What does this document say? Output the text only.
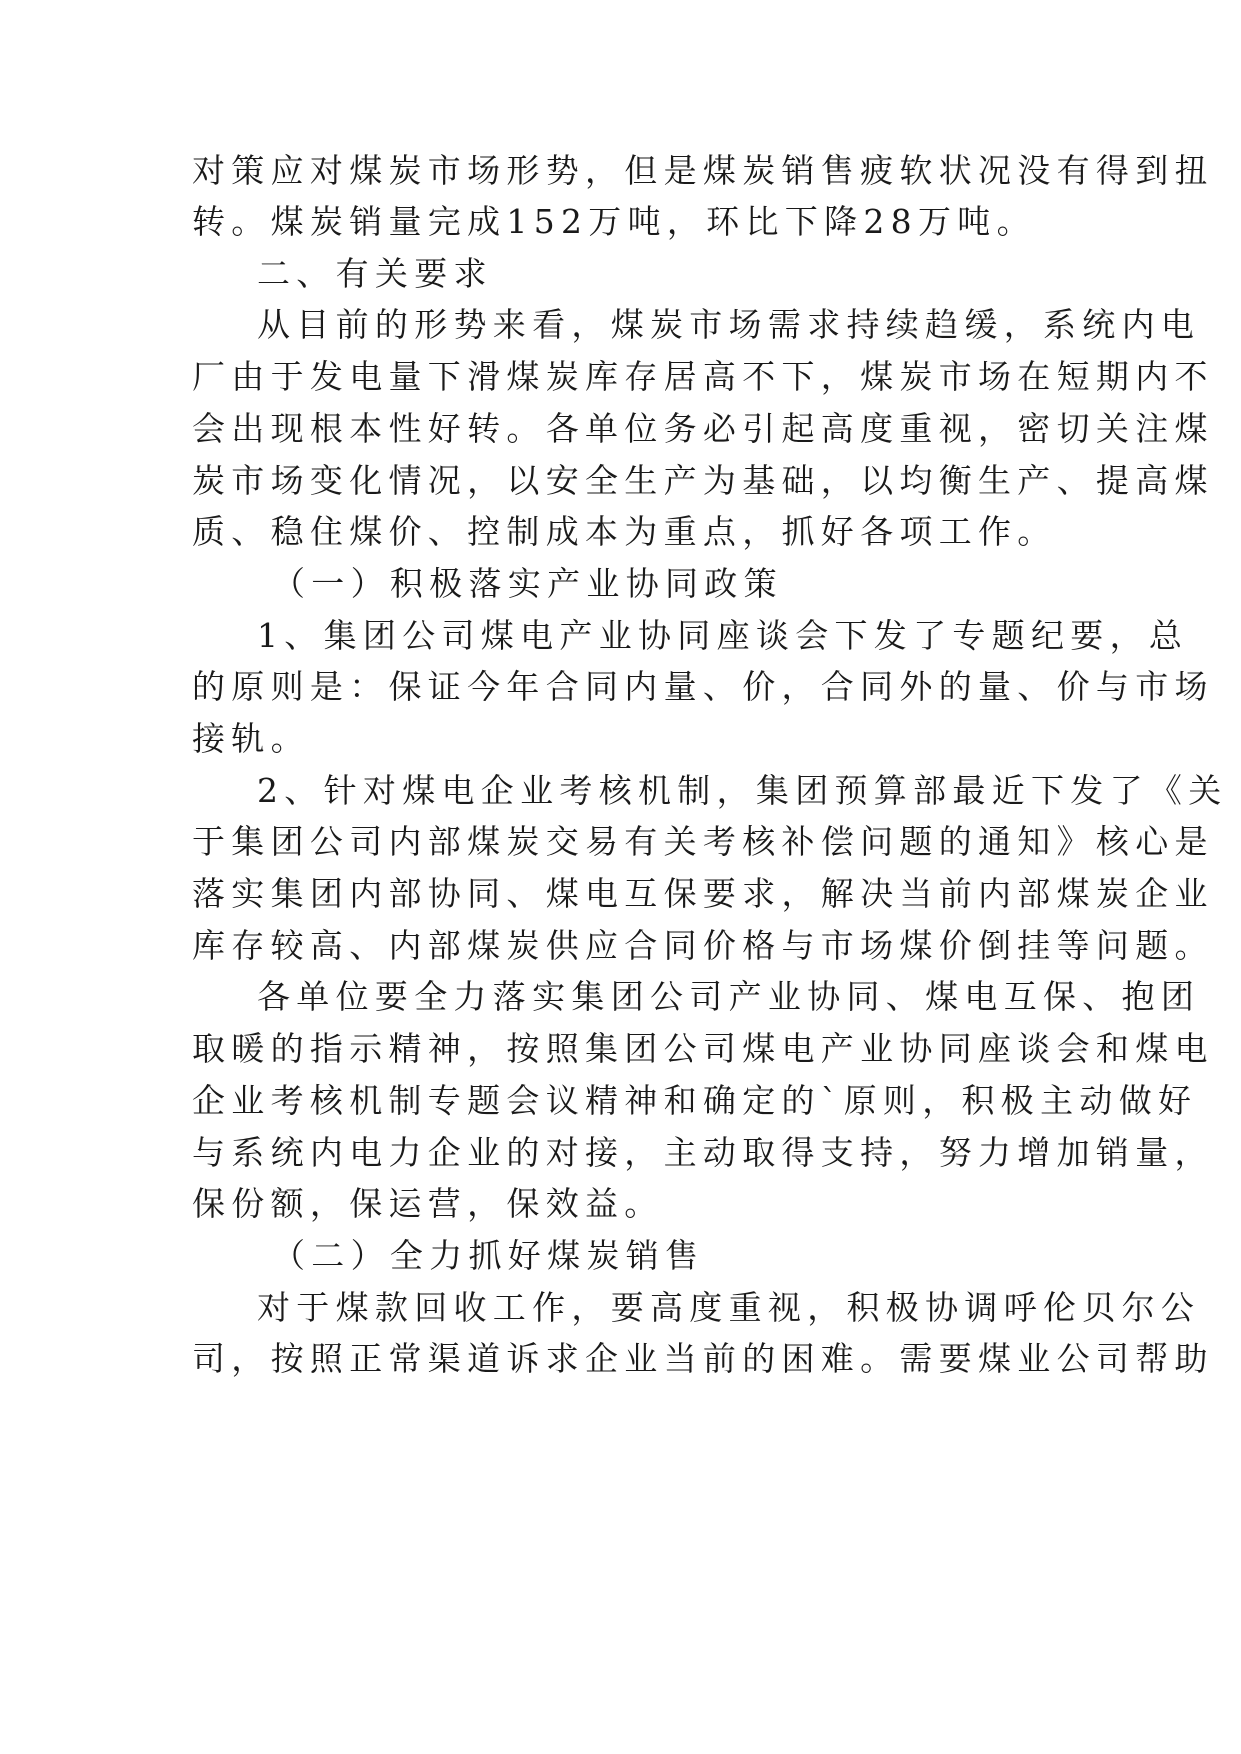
对策应对煤炭市场形势，但是煤炭销售疲软状况没有得到扭
转。煤炭销量完成152万吨，环比下降28万吨。
二、有关要求
从目前的形势来看，煤炭市场需求持续趋缓，系统内电
厂由于发电量下滑煤炭库存居高不下，煤炭市场在短期内不
会出现根本性好转。各单位务必引起高度重视，密切关注煤
炭市场变化情况，以安全生产为基础，以均衡生产、提高煤
质、稳住煤价、控制成本为重点，抓好各项工作。
（一）积极落实产业协同政策
1、集团公司煤电产业协同座谈会下发了专题纪要，总
的原则是：保证今年合同内量、价，合同外的量、价与市场
接轨。
2、针对煤电企业考核机制，集团预算部最近下发了《关
于集团公司内部煤炭交易有关考核补偿问题的通知》核心是
落实集团内部协同、煤电互保要求，解决当前内部煤炭企业
库存较高、内部煤炭供应合同价格与市场煤价倒挂等问题。
各单位要全力落实集团公司产业协同、煤电互保、抱团
取暖的指示精神，按照集团公司煤电产业协同座谈会和煤电
企业考核机制专题会议精神和确定的`原则，积极主动做好
与系统内电力企业的对接，主动取得支持，努力增加销量，
保份额，保运营，保效益。
（二）全力抓好煤炭销售
对于煤款回收工作，要高度重视，积极协调呼伦贝尔公
司，按照正常渠道诉求企业当前的困难。需要煤业公司帮助
